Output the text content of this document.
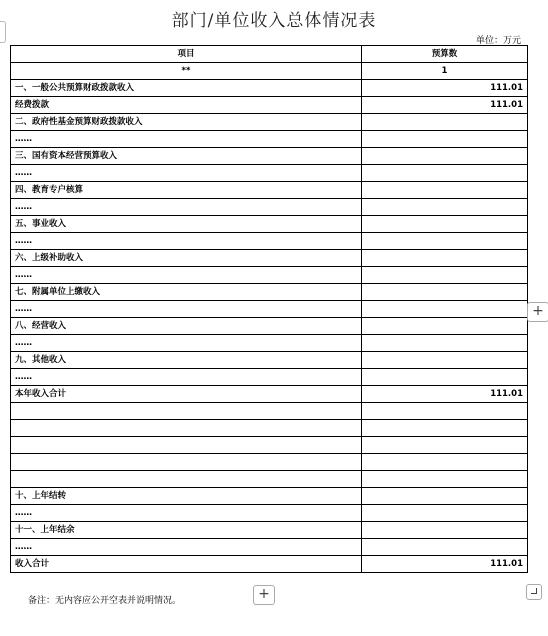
部门/单位收入总体情况表
单位：万元
项目	预算数
**	1
一、一般公共预算财政拨款收入	111.01
经费拨款	111.01
二、政府性基金预算财政拨款收入	
……	
三、国有资本经营预算收入	
……	
四、教育专户核算	
……	
五、事业收入	
……	
六、上级补助收入	
……	
七、附属单位上缴收入	
……	
八、经营收入	
……	
九、其他收入	
……	
本年收入合计	111.01

十、上年结转	
……	
十一、上年结余	
……	
收入合计	111.01
备注：无内容应公开空表并说明情况。	+
+
